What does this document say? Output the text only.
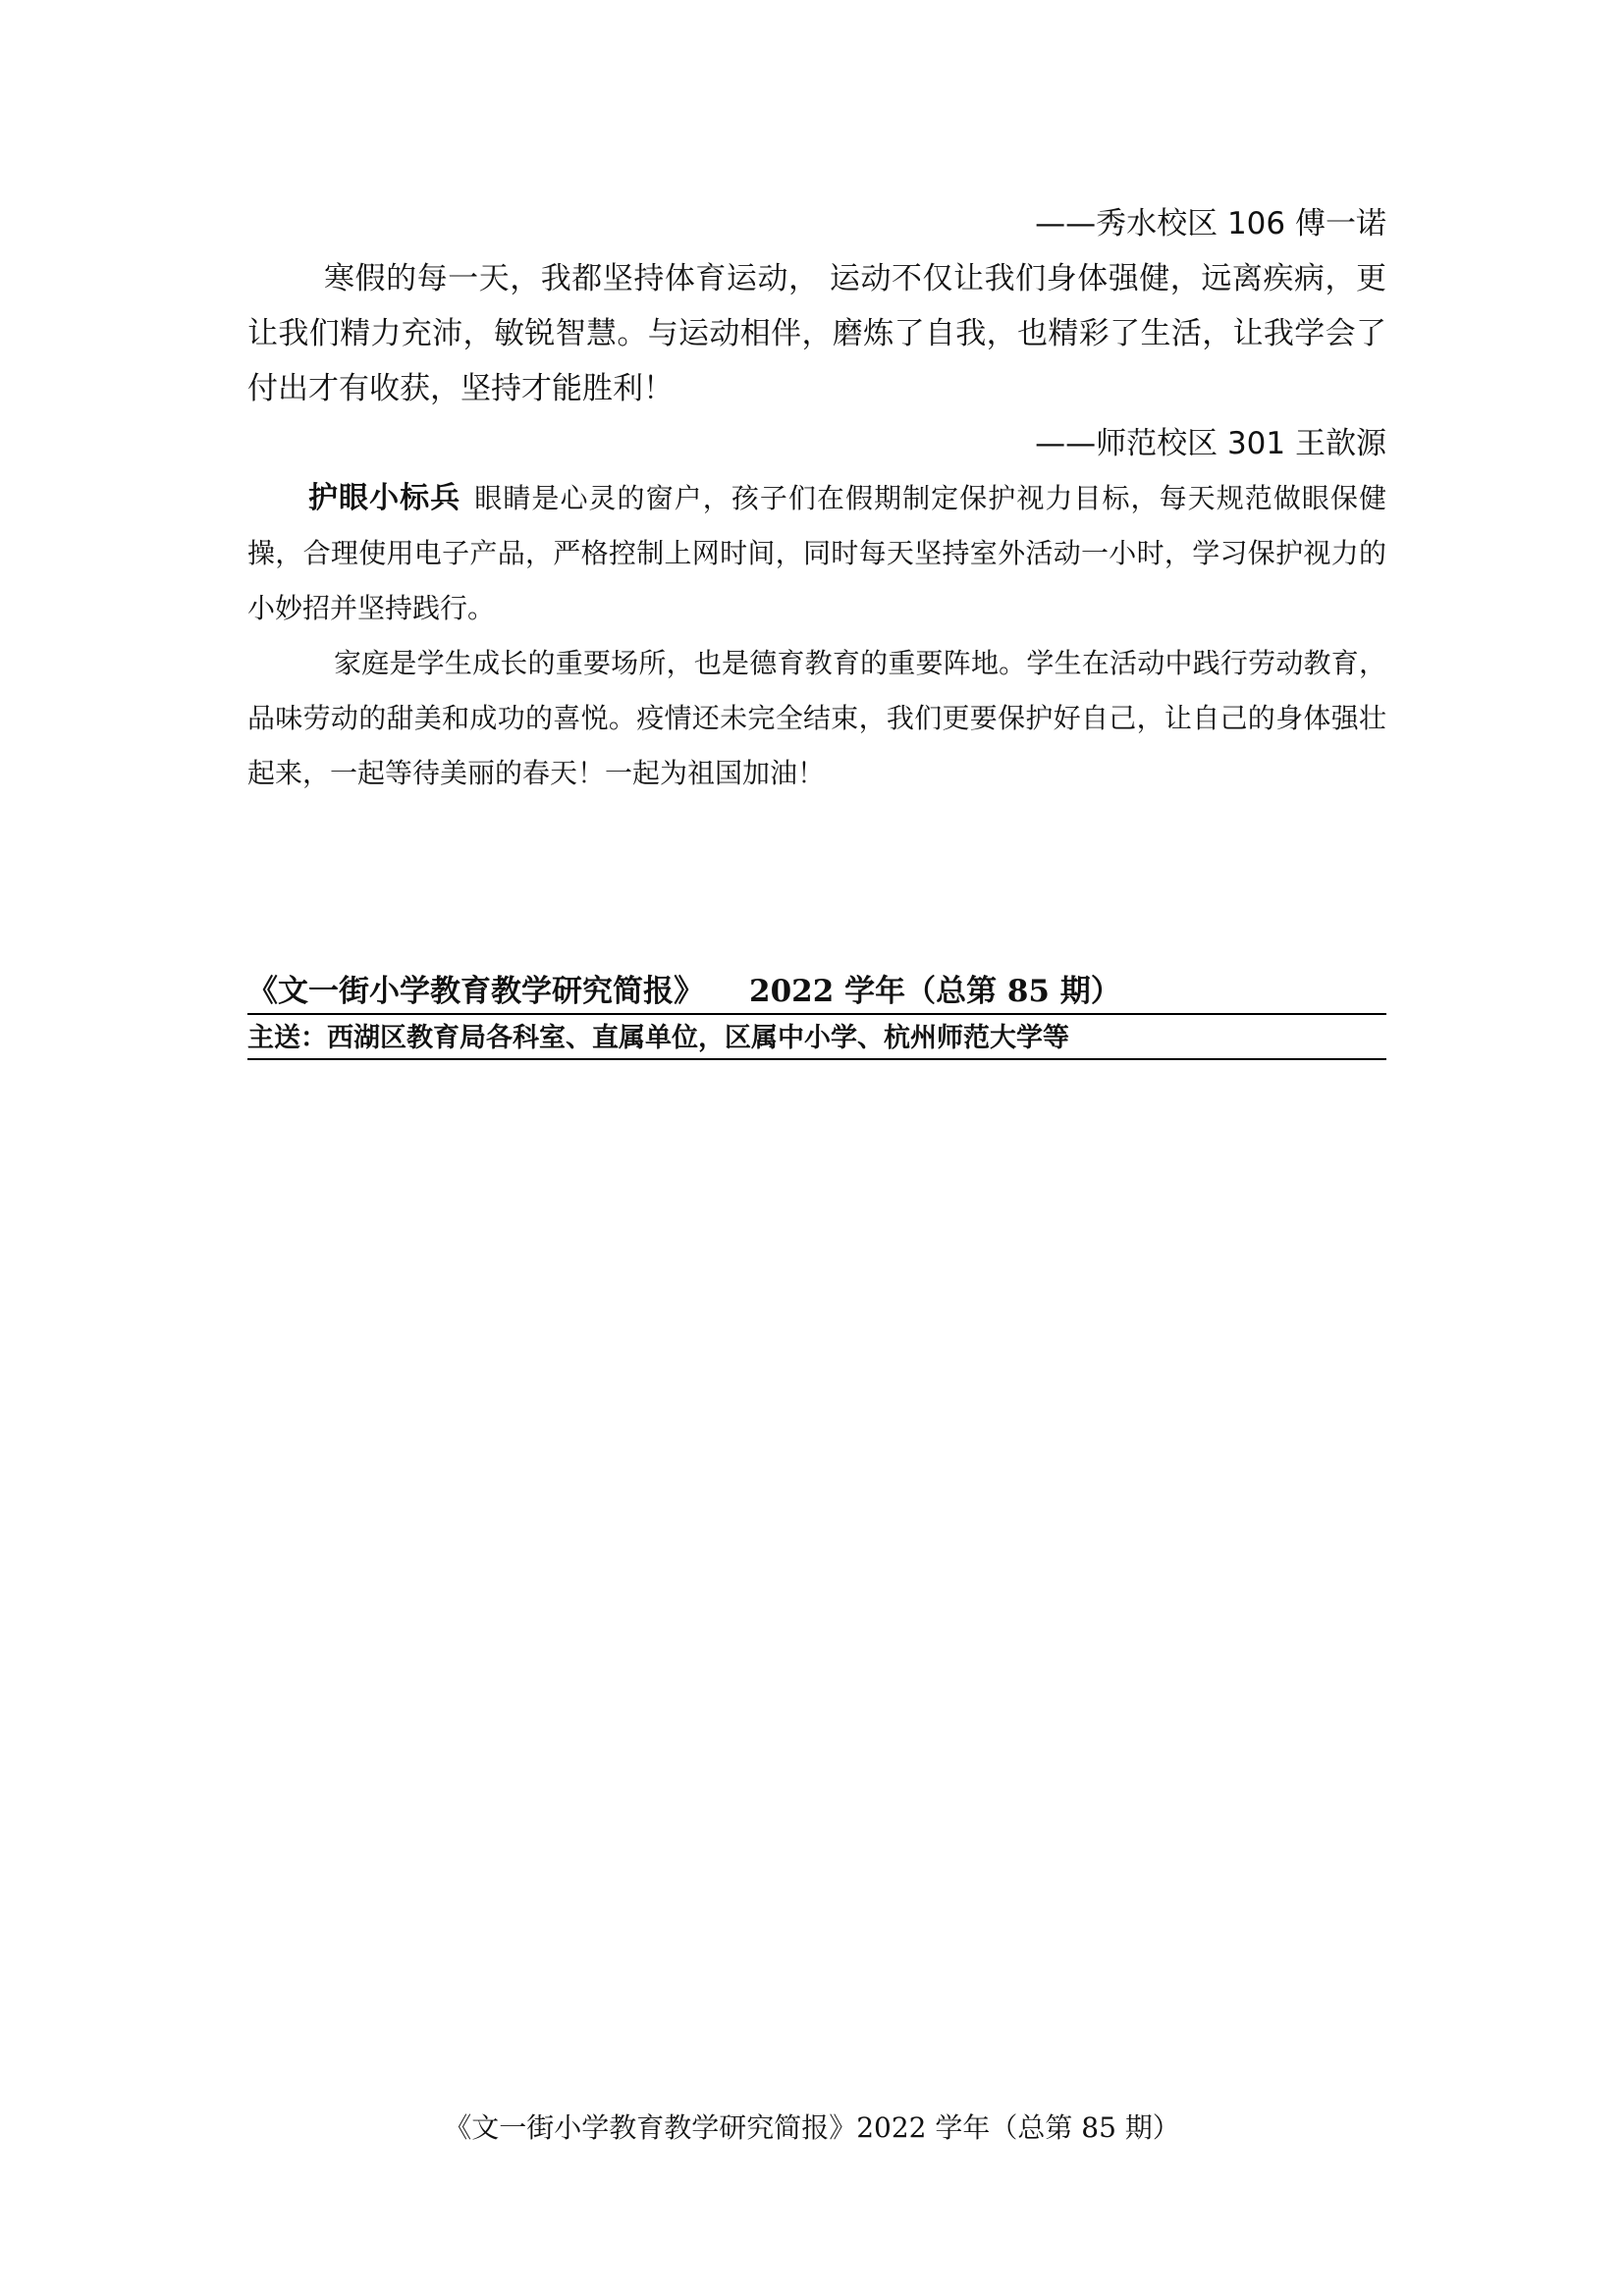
——秀水校区 106 傅一诺

寒假的每一天，我都坚持体育运动， 运动不仅让我们身体强健，远离疾病，更让我们精力充沛，敏锐智慧。与运动相伴，磨炼了自我，也精彩了生活，让我学会了付出才有收获，坚持才能胜利！

——师范校区 301 王歆源

护眼小标兵 眼睛是心灵的窗户，孩子们在假期制定保护视力目标，每天规范做眼保健操，合理使用电子产品，严格控制上网时间，同时每天坚持室外活动一小时，学习保护视力的小妙招并坚持践行。

家庭是学生成长的重要场所，也是德育教育的重要阵地。学生在活动中践行劳动教育，品味劳动的甜美和成功的喜悦。疫情还未完全结束，我们更要保护好自己，让自己的身体强壮起来，一起等待美丽的春天！一起为祖国加油！

《文一街小学教育教学研究简报》 2022 学年（总第 85 期）
主送：西湖区教育局各科室、直属单位，区属中小学、杭州师范大学等
《文一街小学教育教学研究简报》2022 学年（总第 85 期）
